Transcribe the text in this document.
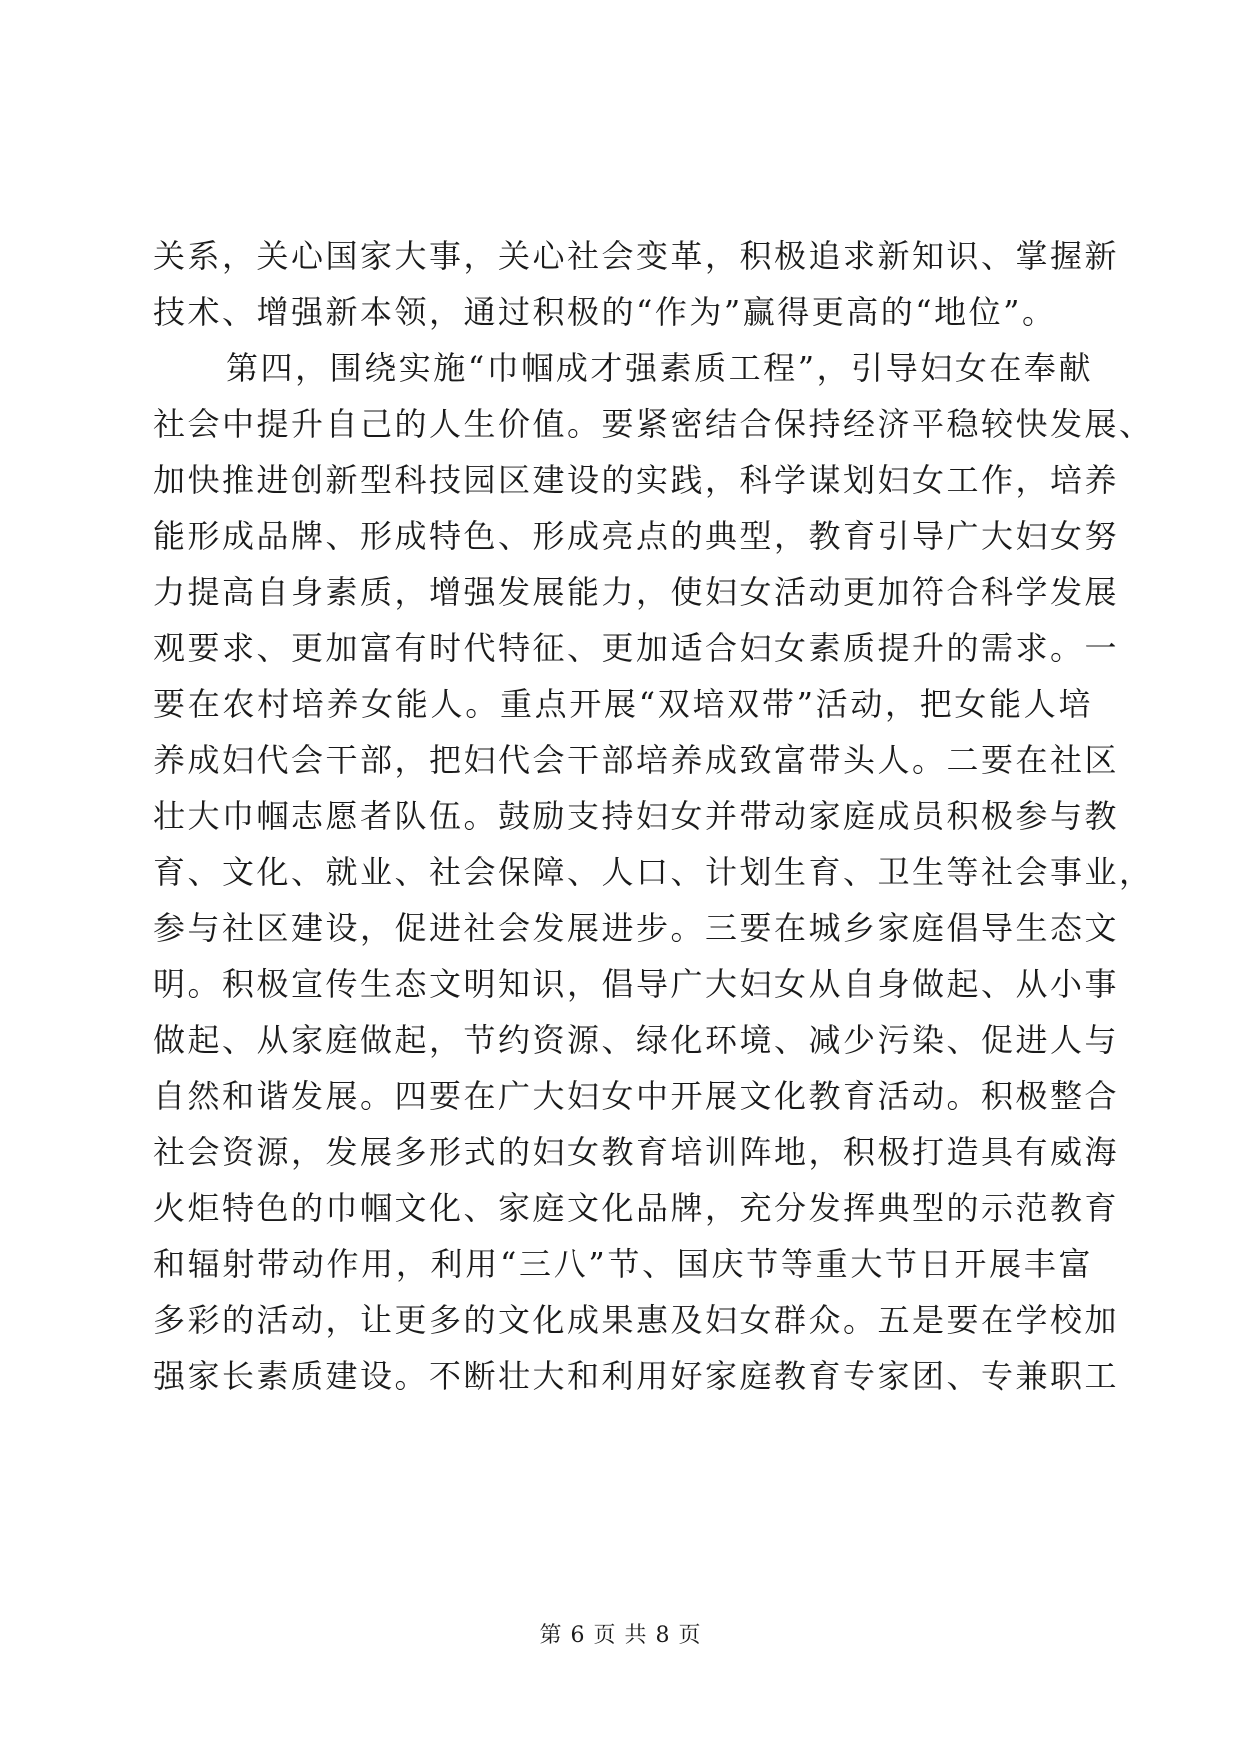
关系，关心国家大事，关心社会变革，积极追求新知识、掌握新
技术、增强新本领，通过积极的“作为”赢得更高的“地位”。
第四，围绕实施“巾帼成才强素质工程”，引导妇女在奉献
社会中提升自己的人生价值。要紧密结合保持经济平稳较快发展、
加快推进创新型科技园区建设的实践，科学谋划妇女工作，培养
能形成品牌、形成特色、形成亮点的典型，教育引导广大妇女努
力提高自身素质，增强发展能力，使妇女活动更加符合科学发展
观要求、更加富有时代特征、更加适合妇女素质提升的需求。一
要在农村培养女能人。重点开展“双培双带”活动，把女能人培
养成妇代会干部，把妇代会干部培养成致富带头人。二要在社区
壮大巾帼志愿者队伍。鼓励支持妇女并带动家庭成员积极参与教
育、文化、就业、社会保障、人口、计划生育、卫生等社会事业，
参与社区建设，促进社会发展进步。三要在城乡家庭倡导生态文
明。积极宣传生态文明知识，倡导广大妇女从自身做起、从小事
做起、从家庭做起，节约资源、绿化环境、减少污染、促进人与
自然和谐发展。四要在广大妇女中开展文化教育活动。积极整合
社会资源，发展多形式的妇女教育培训阵地，积极打造具有威海
火炬特色的巾帼文化、家庭文化品牌，充分发挥典型的示范教育
和辐射带动作用，利用“三八”节、国庆节等重大节日开展丰富
多彩的活动，让更多的文化成果惠及妇女群众。五是要在学校加
强家长素质建设。不断壮大和利用好家庭教育专家团、专兼职工
第 6 页 共 8 页
